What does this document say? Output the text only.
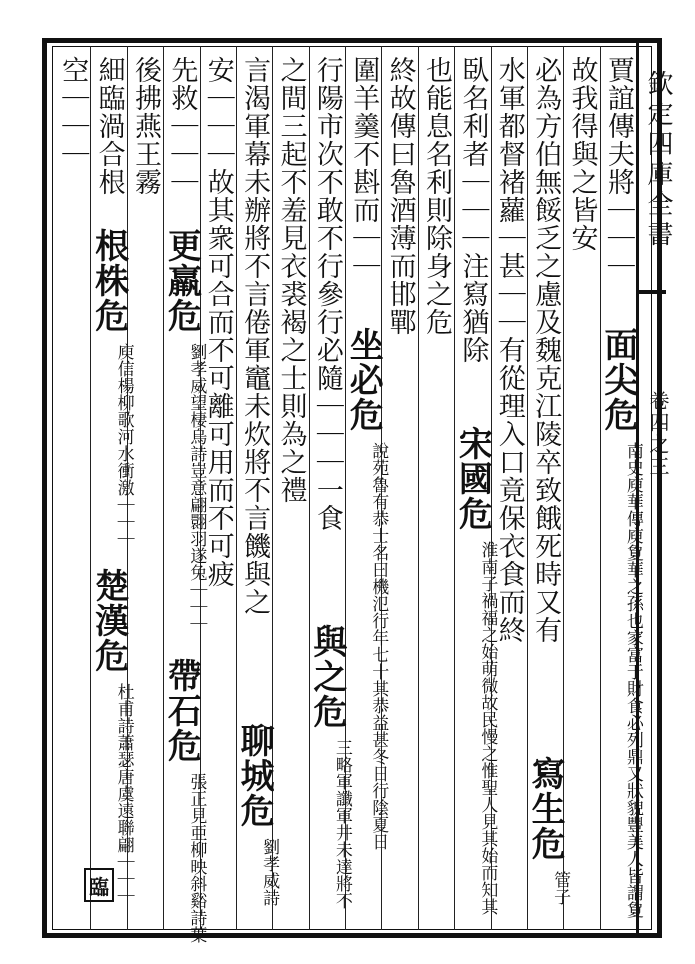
欽定四庫全書
卷四之三
賈誼傳夫將｜｜｜
面尖危
南史庾華傳庾夐華之孫也家富于財食必列鼎又狀貌豐美人皆謂夐
故我得與之皆安
必為方伯無餒乏之慮及魏克江陵卒致餓死時又有
寫生危
管子
水軍都督褚蘿｜甚｜｜有從理入口竟保衣食而終
臥名利者｜｜｜注寫猶除
宋國危
淮南子禍福之始萌微故民慢之惟聖人見其始而知其
也能息名利則除身之危
終故傳曰魯酒薄而邯鄲
圍羊羹不斟而｜｜
坐必危
說苑魯有恭士名曰機氾行年七十其恭益甚冬日行陰夏日
行陽市次不敢不行參行必隨｜｜｜一食
與之危
三略軍讖軍井未達將不
之間三起不羞見衣裘褐之士則為之禮
言渴軍幕未辦將不言倦軍竈未炊將不言饑與之
聊城危
劉孝威詩
安｜｜｜故其衆可合而不可離可用而不可疲
先救｜｜｜
更羸危
劉孝威望棲烏詩豈意翩翾羽遂兔｜｜｜
帶石危
張正見亜柳映斜谿詩葉
後拂燕王霧
細臨渦合根
根株危
庾信楊柳歌河水衝激｜｜｜
楚漢危
杜甫詩蕭瑟唐虞遠聯翩｜｜｜
空｜｜｜
臨
